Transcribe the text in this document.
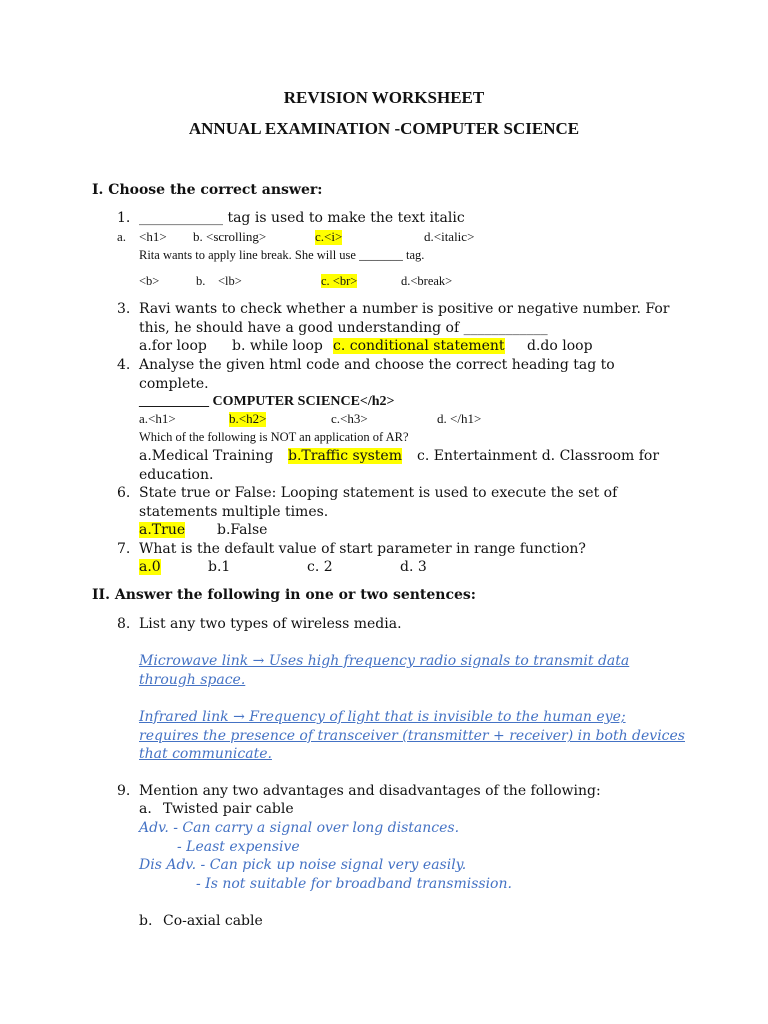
REVISION WORKSHEET
ANNUAL EXAMINATION -COMPUTER SCIENCE
I. Choose the correct answer:
1. ____________ tag is used to make the text italic
a. <h1> b. <scrolling>	c.<i>	d.<italic>
Rita wants to apply line break. She will use _______ tag.
<b>	b. <lb>	c. <br>	d.<break>
3. Ravi wants to check whether a number is positive or negative number. For
this, he should have a good understanding of ____________
a.for loop b. while loop c. conditional statement d.do loop
4. Analyse the given html code and choose the correct heading tag to
complete.
__________ COMPUTER SCIENCE</h2>
a.<h1>	b.<h2>	c.<h3>	d. </h1>
Which of the following is NOT an application of AR?
a.Medical Training b.Traffic system c. Entertainment d. Classroom for
education.
6. State true or False: Looping statement is used to execute the set of
statements multiple times.
a.True b.False
7. What is the default value of start parameter in range function?
a.0	b.1	c. 2	d. 3
II. Answer the following in one or two sentences:
8. List any two types of wireless media.
Microwave link → Uses high frequency radio signals to transmit data
through space.
Infrared link → Frequency of light that is invisible to the human eye;
requires the presence of transceiver (transmitter + receiver) in both devices
that communicate.
9. Mention any two advantages and disadvantages of the following:
a. Twisted pair cable
Adv. - Can carry a signal over long distances.
- Least expensive
Dis Adv. - Can pick up noise signal very easily.
- Is not suitable for broadband transmission.
b. Co-axial cable
